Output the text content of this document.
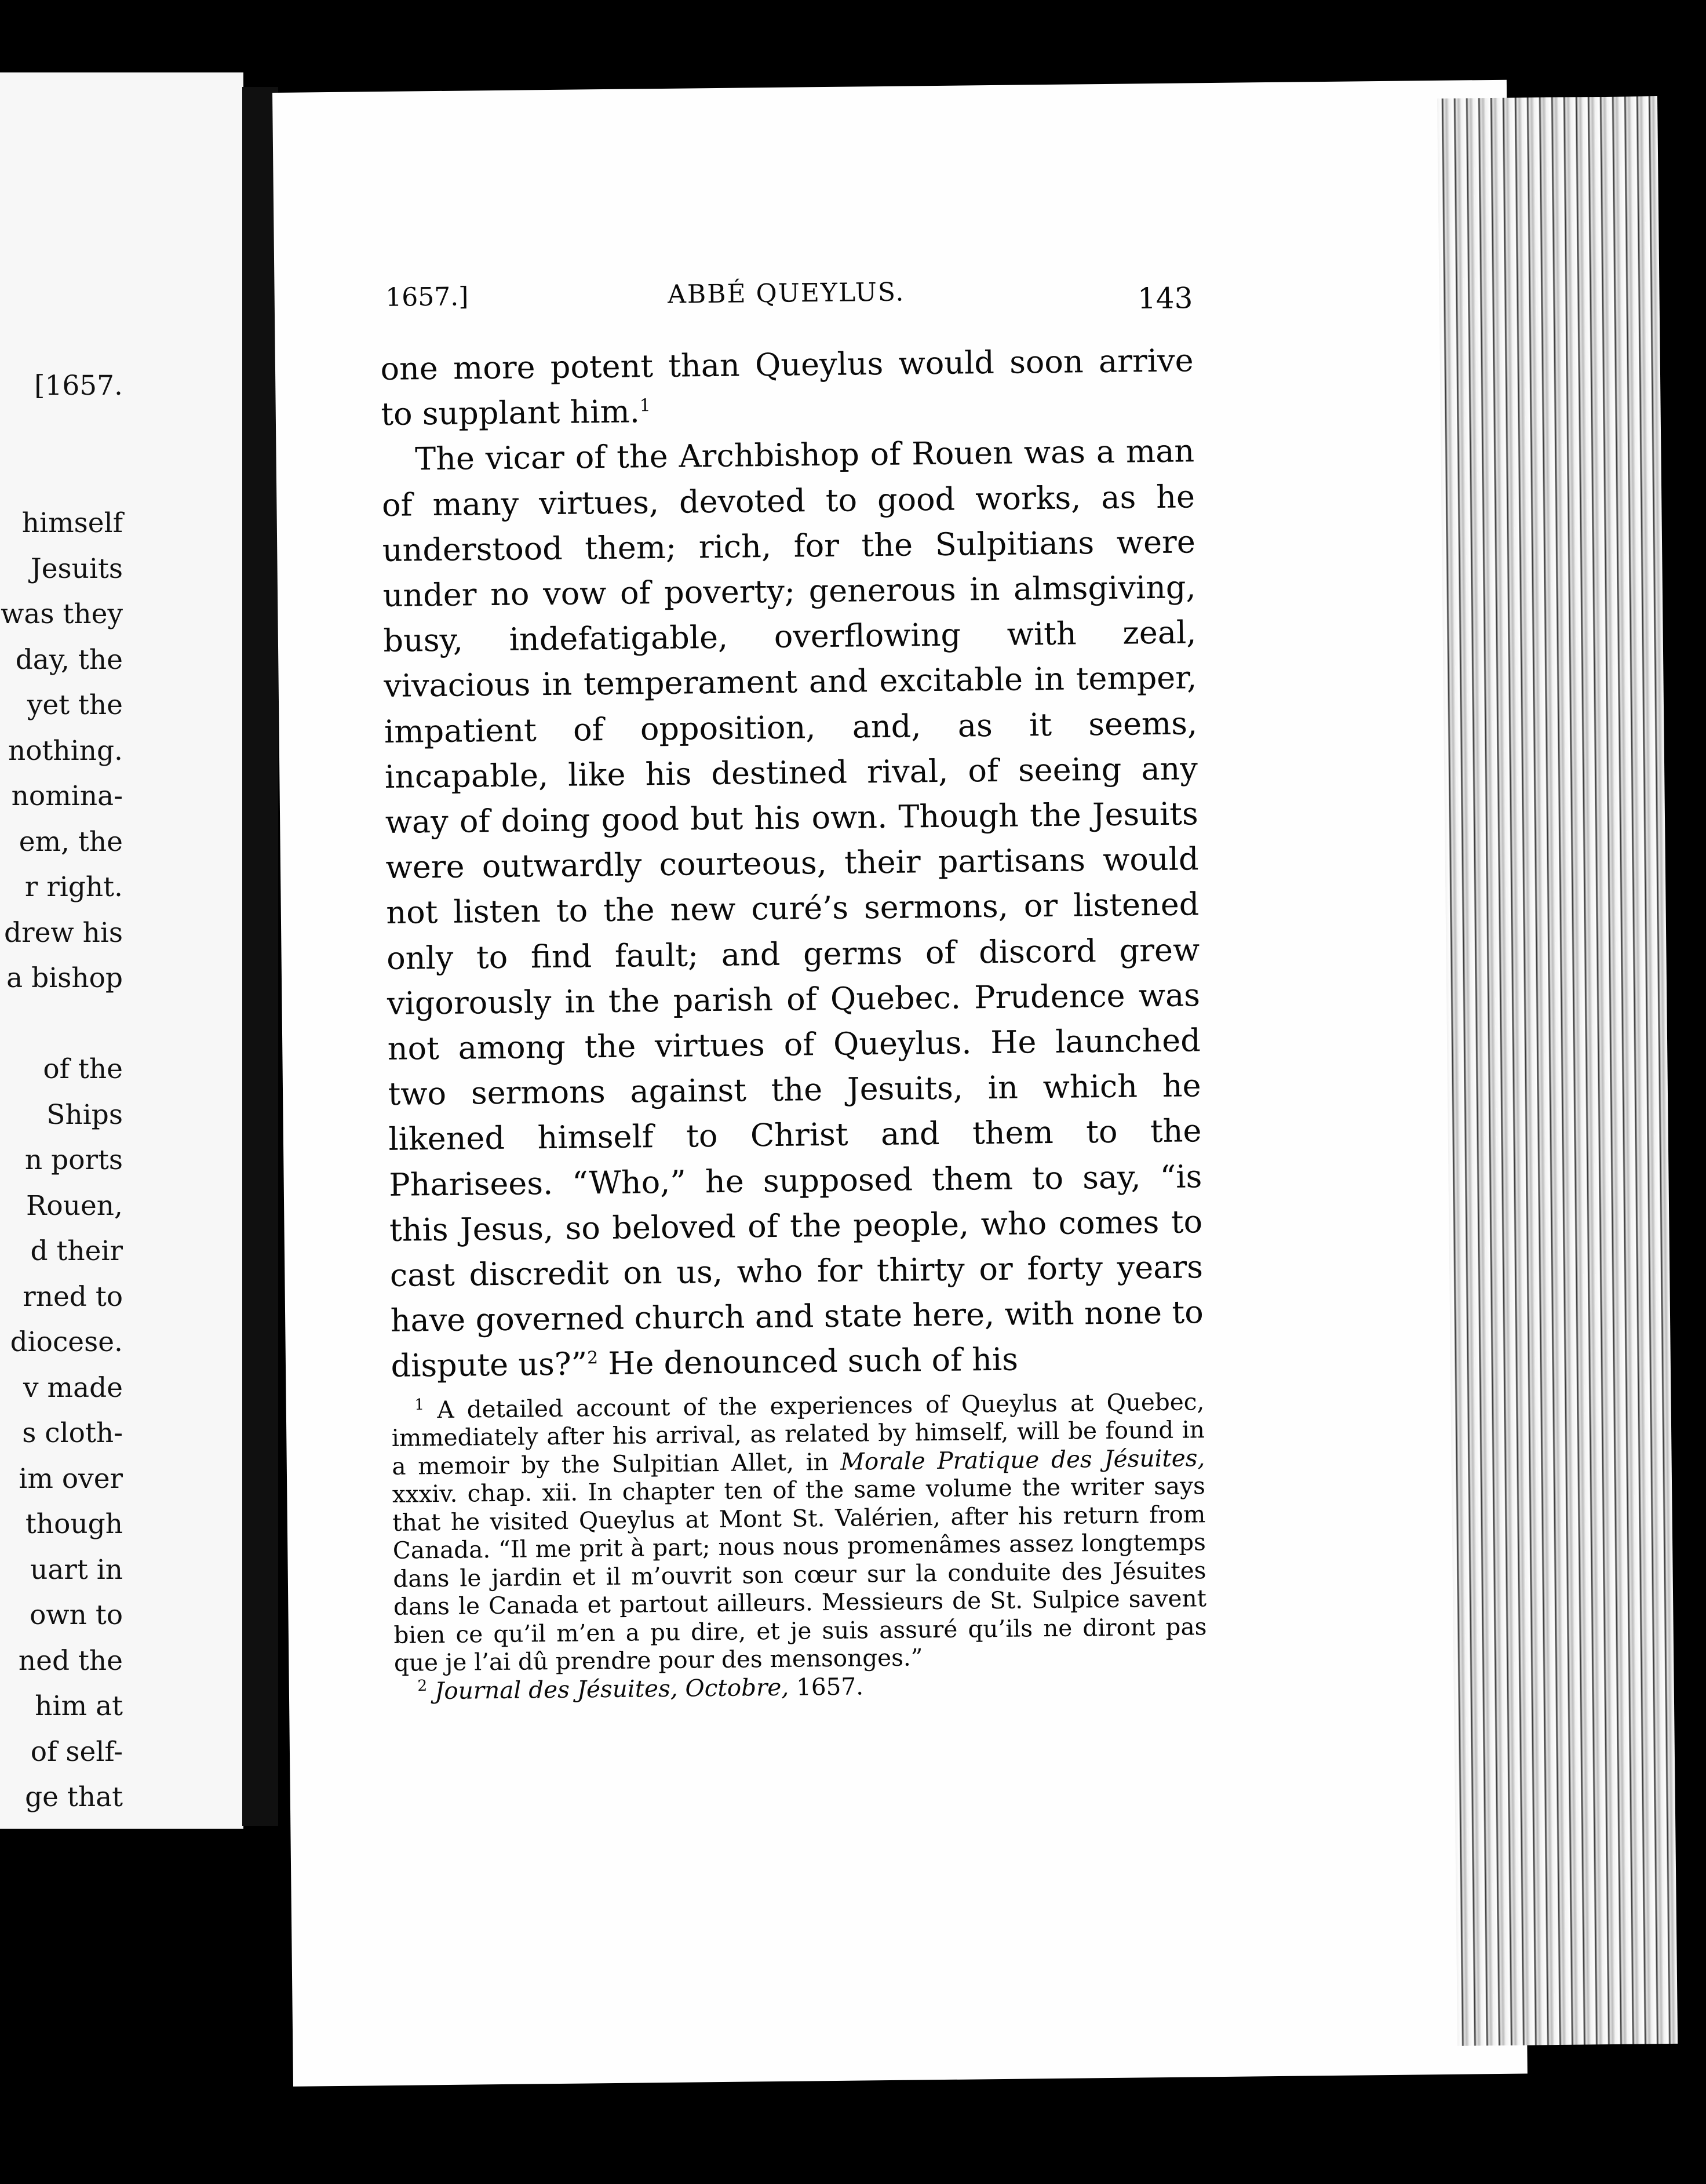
[1657.

himself
Jesuits
was they
day, the
yet the
nothing.
nomina-
em, the
r right.
drew his
a bishop
of the
Ships
n ports
Rouen,
d their
rned to
diocese.
v made
s cloth-
im over
though
uart in
own to
ned the
him at
of self-
ge that

1657.]	ABBÉ QUEYLUS.	143

one more potent than Queylus would soon arrive to supplant him.$^1$

The vicar of the Archbishop of Rouen was a man of many virtues, devoted to good works, as he understood them; rich, for the Sulpitians were under no vow of poverty; generous in almsgiving, busy, indefatigable, overflowing with zeal, vivacious in temperament and excitable in temper, impatient of opposition, and, as it seems, incapable, like his destined rival, of seeing any way of doing good but his own. Though the Jesuits were outwardly courteous, their partisans would not listen to the new curé’s sermons, or listened only to find fault; and germs of discord grew vigorously in the parish of Quebec. Prudence was not among the virtues of Queylus. He launched two sermons against the Jesuits, in which he likened himself to Christ and them to the Pharisees. “Who,” he supposed them to say, “is this Jesus, so beloved of the people, who comes to cast discredit on us, who for thirty or forty years have governed church and state here, with none to dispute us?”$^2$ He denounced such of his

$^1$ A detailed account of the experiences of Queylus at Quebec, immediately after his arrival, as related by himself, will be found in a memoir by the Sulpitian Allet, in Morale Pratique des Jésuites, xxxiv. chap. xii. In chapter ten of the same volume the writer says that he visited Queylus at Mont St. Valérien, after his return from Canada. “Il me prit à part; nous nous promenâmes assez longtemps dans le jardin et il m’ouvrit son cœur sur la conduite des Jésuites dans le Canada et partout ailleurs. Messieurs de St. Sulpice savent bien ce qu’il m’en a pu dire, et je suis assuré qu’ils ne diront pas que je l’ai dû prendre pour des mensonges.”

$^2$ Journal des Jésuites, Octobre, 1657.
